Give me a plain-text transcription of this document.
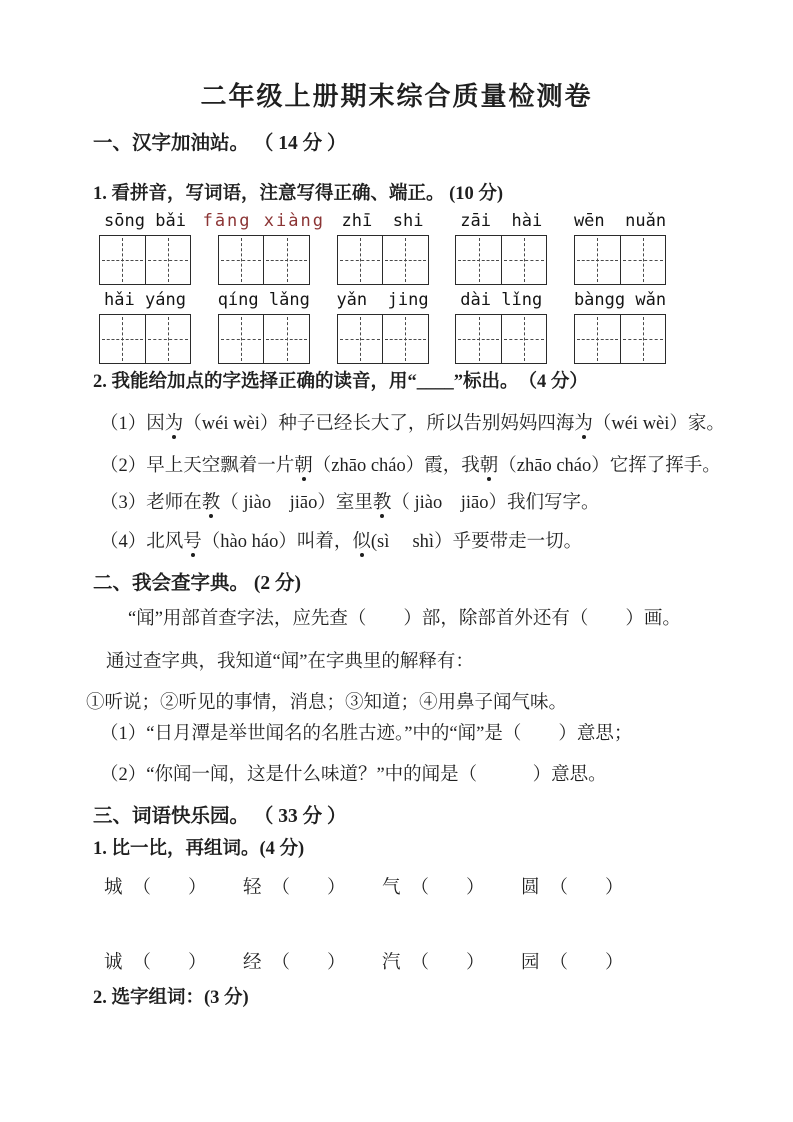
二年级上册期末综合质量检测卷
一、汉字加油站。 （ 14 分 ）
1. 看拼音，写词语，注意写得正确、端正。 (10 分)
sōng bǎi fāng xiàng zhī  shi zāi  hài wēn  nuǎn
hǎi yáng qíng lǎng yǎn  jing dài lǐng bàngg wǎn
2. 我能给加点的字选择正确的读音，用“____”标出。　（4 分）
（1）因为（wéi wèi）种子已经长大了，所以告别妈妈四海为（wéi wèi）家。
（2）早上天空飘着一片朝（zhāo cháo）霞，我朝（zhāo cháo）它挥了挥手。
（3）老师在教（ jiào　jiāo）室里教（ jiào　jiāo）我们写字。
（4）北风号（hào háo）叫着，似(sì　 shì）乎要带走一切。
二、我会查字典。 (2 分)
“闻”用部首查字法，应先查（　　）部，除部首外还有（　　）画。
通过查字典，我知道“闻”在字典里的解释有：
①听说；②听见的事情，消息；③知道；④用鼻子闻气味。
（1）“日月潭是举世闻名的名胜古迹。”中的“闻”是（　　）意思；
（2）“你闻一闻，这是什么味道？”中的闻是（　　　）意思。
三、词语快乐园。 （ 33 分 ）
1. 比一比，再组词。(4 分)
城 （　　） 轻 （　　） 气 （　　） 圆 （　　）
诚 （　　） 经 （　　） 汽 （　　） 园 （　　）
2. 选字组词：(3 分)
